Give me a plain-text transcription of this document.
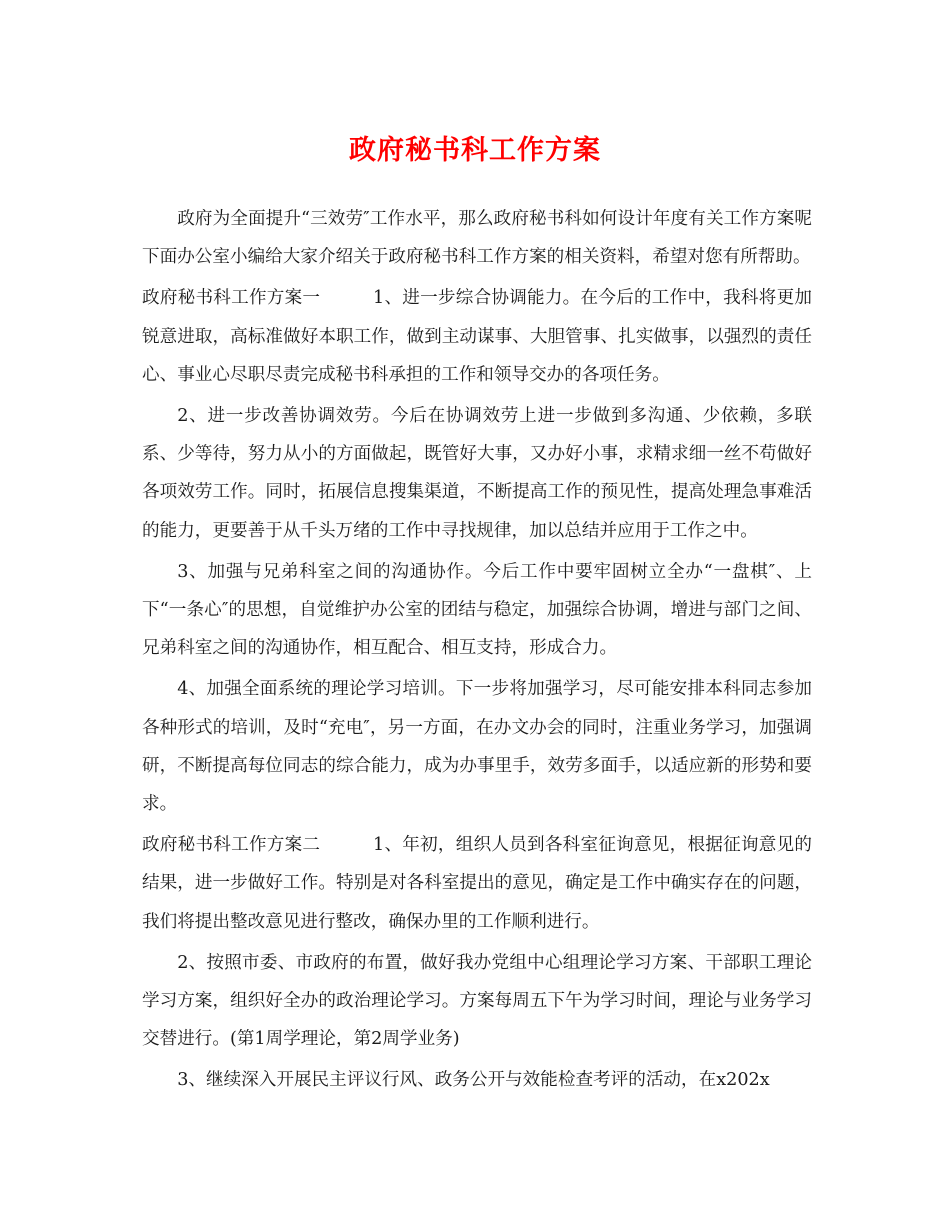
政府秘书科工作方案

政府为全面提升“三效劳″工作水平，那么政府秘书科如何设计年度有关工作方案呢下面办公室小编给大家介绍关于政府秘书科工作方案的相关资料，希望对您有所帮助。

政府秘书科工作方案一	1、进一步综合协调能力。在今后的工作中，我科将更加锐意进取，高标准做好本职工作，做到主动谋事、大胆管事、扎实做事，以强烈的责任心、事业心尽职尽责完成秘书科承担的工作和领导交办的各项任务。

2、进一步改善协调效劳。今后在协调效劳上进一步做到多沟通、少依赖，多联系、少等待，努力从小的方面做起，既管好大事，又办好小事，求精求细一丝不苟做好各项效劳工作。同时，拓展信息搜集渠道，不断提高工作的预见性，提高处理急事难活的能力，更要善于从千头万绪的工作中寻找规律，加以总结并应用于工作之中。

3、加强与兄弟科室之间的沟通协作。今后工作中要牢固树立全办“一盘棋″、上下“一条心″的思想，自觉维护办公室的团结与稳定，加强综合协调，增进与部门之间、兄弟科室之间的沟通协作，相互配合、相互支持，形成合力。

4、加强全面系统的理论学习培训。下一步将加强学习，尽可能安排本科同志参加各种形式的培训，及时“充电″，另一方面，在办文办会的同时，注重业务学习，加强调研，不断提高每位同志的综合能力，成为办事里手，效劳多面手，以适应新的形势和要求。

政府秘书科工作方案二	1、年初，组织人员到各科室征询意见，根据征询意见的结果，进一步做好工作。特别是对各科室提出的意见，确定是工作中确实存在的问题，我们将提出整改意见进行整改，确保办里的工作顺利进行。

2、按照市委、市政府的布置，做好我办党组中心组理论学习方案、干部职工理论学习方案，组织好全办的政治理论学习。方案每周五下午为学习时间，理论与业务学习交替进行。(第1周学理论，第2周学业务)

3、继续深入开展民主评议行风、政务公开与效能检查考评的活动，在x202x
